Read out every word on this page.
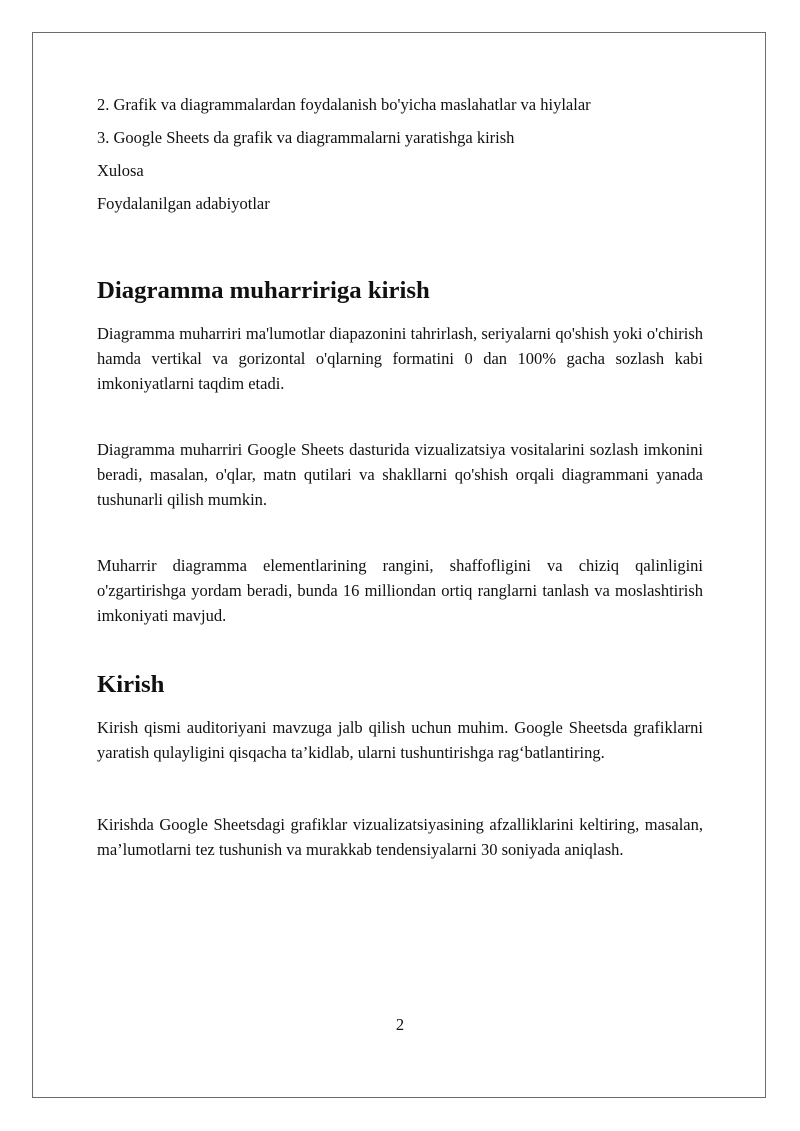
2. Grafik va diagrammalardan foydalanish bo'yicha maslahatlar va hiylalar

3. Google Sheets da grafik va diagrammalarni yaratishga kirish

Xulosa

Foydalanilgan adabiyotlar

Diagramma muharririga kirish

Diagramma muharriri ma'lumotlar diapazonini tahrirlash, seriyalarni qo'shish yoki o'chirish hamda vertikal va gorizontal o'qlarning formatini 0 dan 100% gacha sozlash kabi imkoniyatlarni taqdim etadi.

Diagramma muharriri Google Sheets dasturida vizualizatsiya vositalarini sozlash imkonini beradi, masalan, o'qlar, matn qutilari va shakllarni qo'shish orqali diagrammani yanada tushunarli qilish mumkin.

Muharrir diagramma elementlarining rangini, shaffofligini va chiziq qalinligini o'zgartirishga yordam beradi, bunda 16 milliondan ortiq ranglarni tanlash va moslashtirish imkoniyati mavjud.

Kirish

Kirish qismi auditoriyani mavzuga jalb qilish uchun muhim. Google Sheetsda grafiklarni yaratish qulayligini qisqacha ta’kidlab, ularni tushuntirishga rag‘batlantiring.

Kirishda Google Sheetsdagi grafiklar vizualizatsiyasining afzalliklarini keltiring, masalan, ma’lumotlarni tez tushunish va murakkab tendensiyalarni 30 soniyada aniqlash.

2
